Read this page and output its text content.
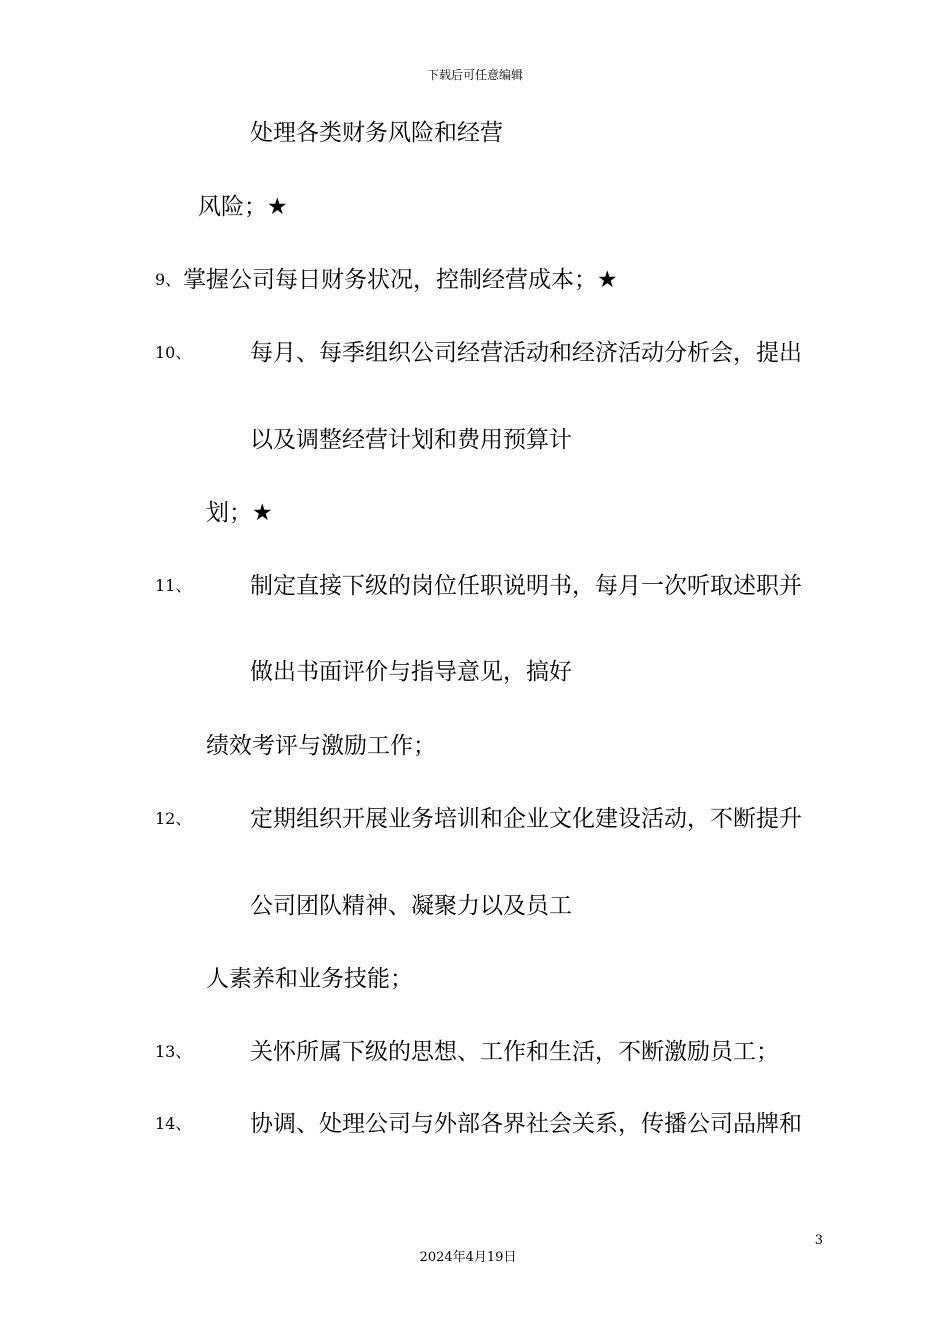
下载后可任意编辑
处理各类财务风险和经营
风险；★
9、 掌握公司每日财务状况，控制经营成本；★
10、	每月、每季组织公司经营活动和经济活动分析会，提出
以及调整经营计划和费用预算计
划；★
11、	制定直接下级的岗位任职说明书，每月一次听取述职并
做出书面评价与指导意见，搞好
绩效考评与激励工作；
12、	定期组织开展业务培训和企业文化建设活动，不断提升
公司团队精神、凝聚力以及员工
人素养和业务技能；
13、	关怀所属下级的思想、工作和生活，不断激励员工；
14、	协调、处理公司与外部各界社会关系，传播公司品牌和
3
2024年4月19日
